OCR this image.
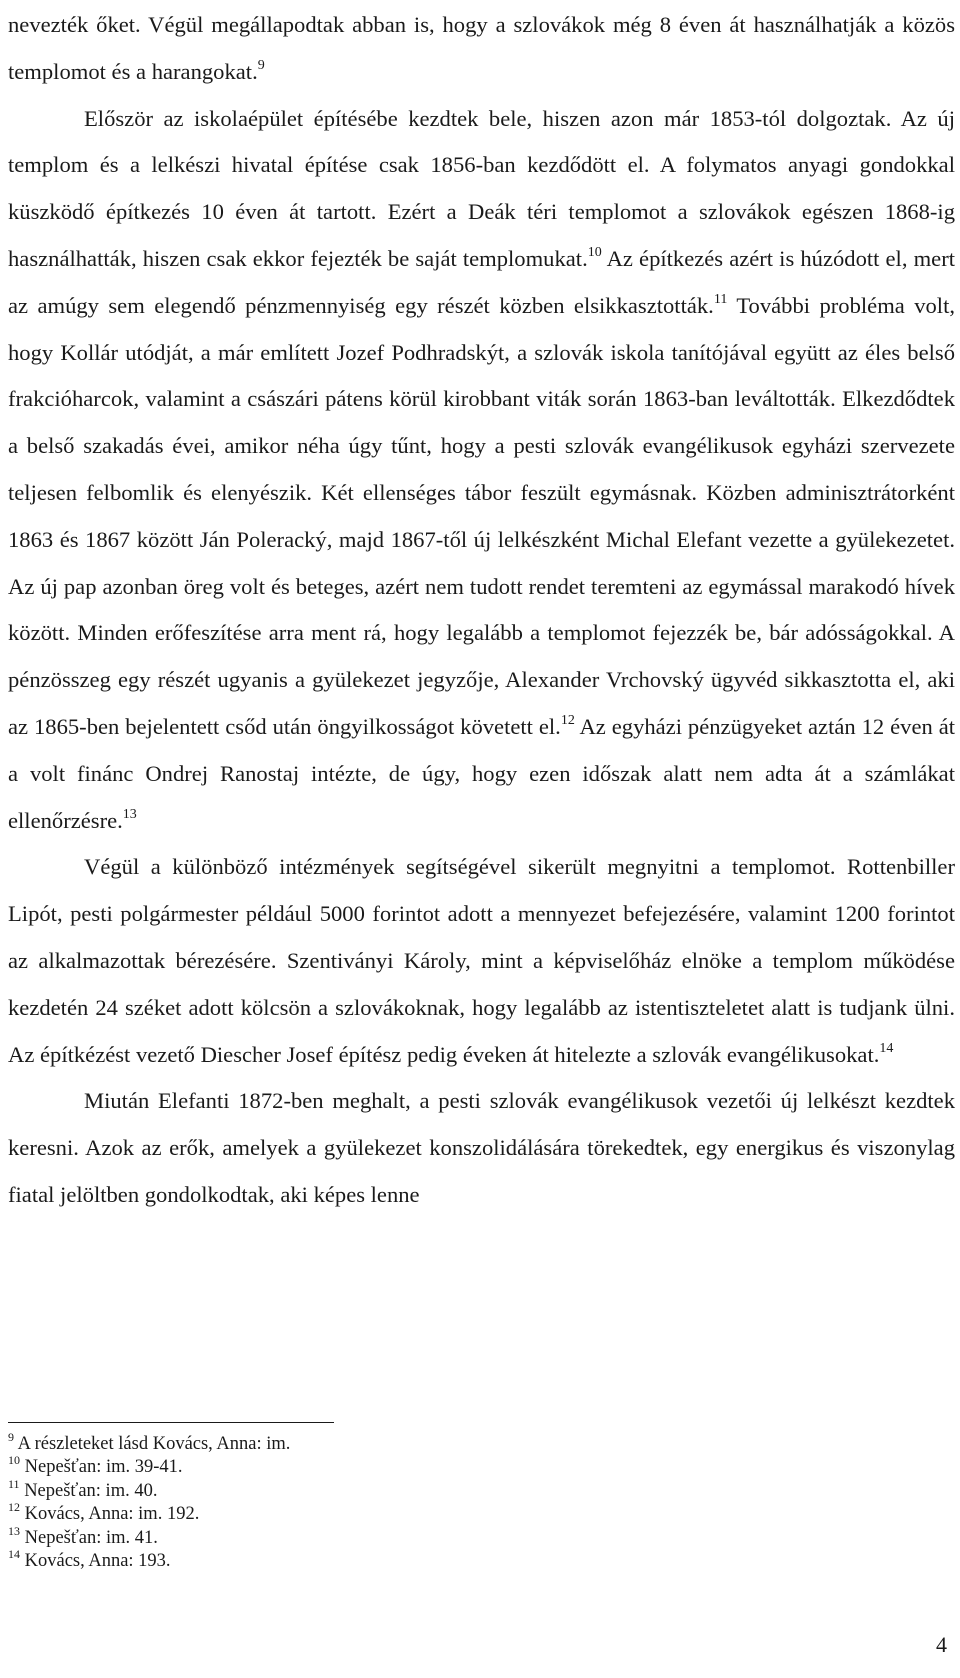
nevezték őket. Végül megállapodtak abban is, hogy a szlovákok még 8 éven át használhatják a közös templomot és a harangokat.$^9$

Először az iskolaépület építésébe kezdtek bele, hiszen azon már 1853-tól dolgoztak. Az új templom és a lelkészi hivatal építése csak 1856-ban kezdődött el. A folymatos anyagi gondokkal küszködő építkezés 10 éven át tartott. Ezért a Deák téri templomot a szlovákok egészen 1868-ig használhatták, hiszen csak ekkor fejezték be saját templomukat.$^{10}$ Az építkezés azért is húzódott el, mert az amúgy sem elegendő pénzmennyiség egy részét közben elsikkasztották.$^{11}$ További probléma volt, hogy Kollár utódját, a már említett Jozef Podhradskýt, a szlovák iskola tanítójával együtt az éles belső frakcióharcok, valamint a császári pátens körül kirobbant viták során 1863-ban leváltották. Elkezdődtek a belső szakadás évei, amikor néha úgy tűnt, hogy a pesti szlovák evangélikusok egyházi szervezete teljesen felbomlik és elenyészik. Két ellenséges tábor feszült egymásnak. Közben adminisztrátorként 1863 és 1867 között Ján Poleracký, majd 1867-től új lelkészként Michal Elefant vezette a gyülekezetet. Az új pap azonban öreg volt és beteges, azért nem tudott rendet teremteni az egymással marakodó hívek között. Minden erőfeszítése arra ment rá, hogy legalább a templomot fejezzék be, bár adósságokkal. A pénzösszeg egy részét ugyanis a gyülekezet jegyzője, Alexander Vrchovský ügyvéd sikkasztotta el, aki az 1865-ben bejelentett csőd után öngyilkosságot követett el.$^{12}$ Az egyházi pénzügyeket aztán 12 éven át a volt finánc Ondrej Ranostaj intézte, de úgy, hogy ezen időszak alatt nem adta át a számlákat ellenőrzésre.$^{13}$

Végül a különböző intézmények segítségével sikerült megnyitni a templomot. Rottenbiller Lipót, pesti polgármester például 5000 forintot adott a mennyezet befejezésére, valamint 1200 forintot az alkalmazottak bérezésére. Szentiványi Károly, mint a képviselőház elnöke a templom működése kezdetén 24 széket adott kölcsön a szlovákoknak, hogy legalább az istentiszteletet alatt is tudjank ülni. Az építkézést vezető Diescher Josef építész pedig éveken át hitelezte a szlovák evangélikusokat.$^{14}$

Miután Elefanti 1872-ben meghalt, a pesti szlovák evangélikusok vezetői új lelkészt kezdtek keresni. Azok az erők, amelyek a gyülekezet konszolidálására törekedtek, egy energikus és viszonylag fiatal jelöltben gondolkodtak, aki képes lenne

$^9$ A részleteket lásd Kovács, Anna: im.
$^{10}$ Nepešťan: im. 39-41.
$^{11}$ Nepešťan: im. 40.
$^{12}$ Kovács, Anna: im. 192.
$^{13}$ Nepešťan: im. 41.
$^{14}$ Kovács, Anna: 193.
4
